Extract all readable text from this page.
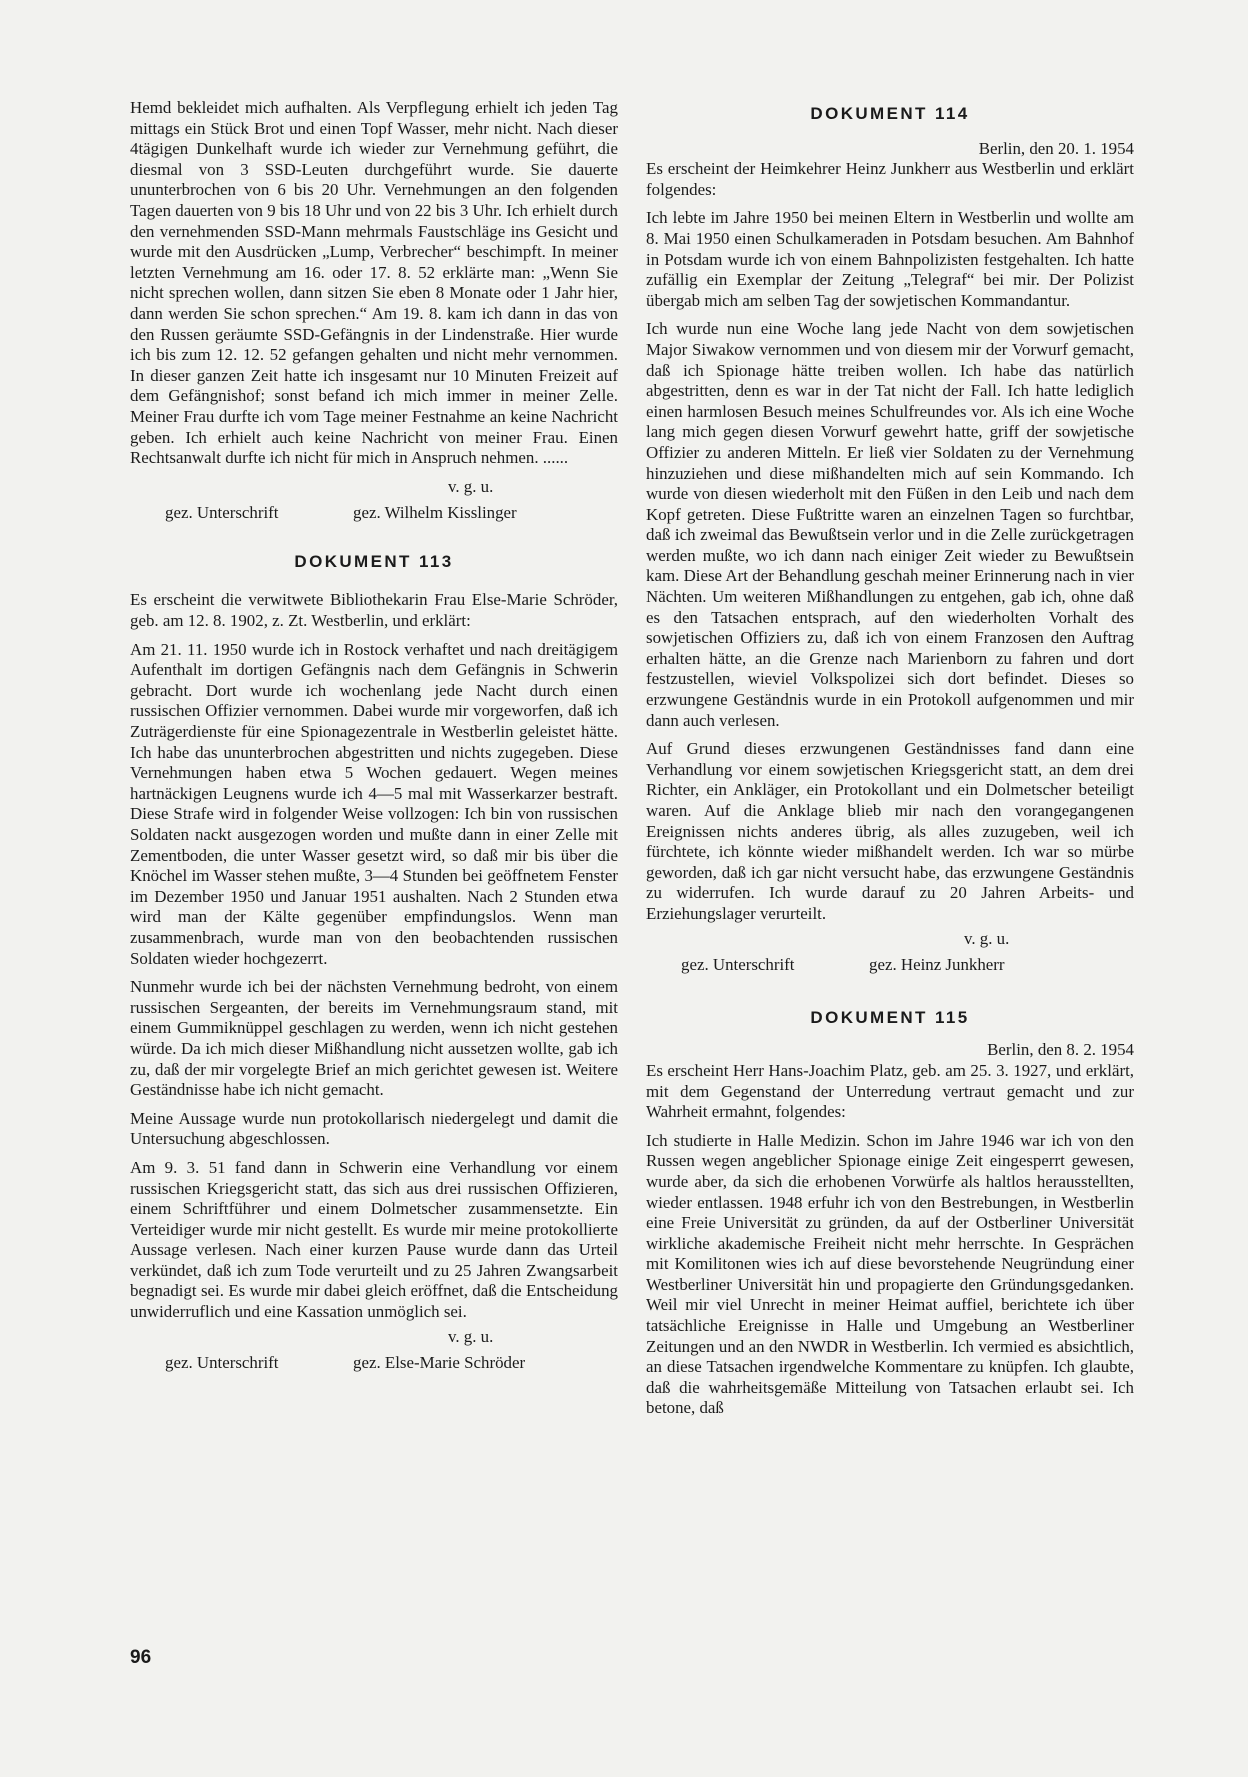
Hemd bekleidet mich aufhalten. Als Verpflegung erhielt ich jeden Tag mittags ein Stück Brot und einen Topf Wasser, mehr nicht. Nach dieser 4tägigen Dunkelhaft wurde ich wieder zur Vernehmung geführt, die diesmal von 3 SSD-Leuten durchgeführt wurde. Sie dauerte ununterbrochen von 6 bis 20 Uhr. Vernehmungen an den folgenden Tagen dauerten von 9 bis 18 Uhr und von 22 bis 3 Uhr. Ich erhielt durch den vernehmenden SSD-Mann mehrmals Faustschläge ins Gesicht und wurde mit den Ausdrücken „Lump, Verbrecher“ beschimpft. In meiner letzten Vernehmung am 16. oder 17. 8. 52 erklärte man: „Wenn Sie nicht sprechen wollen, dann sitzen Sie eben 8 Monate oder 1 Jahr hier, dann werden Sie schon sprechen.“ Am 19. 8. kam ich dann in das von den Russen geräumte SSD-Gefängnis in der Lindenstraße. Hier wurde ich bis zum 12. 12. 52 gefangen gehalten und nicht mehr vernommen. In dieser ganzen Zeit hatte ich insgesamt nur 10 Minuten Freizeit auf dem Gefängnishof; sonst befand ich mich immer in meiner Zelle. Meiner Frau durfte ich vom Tage meiner Festnahme an keine Nachricht geben. Ich erhielt auch keine Nachricht von meiner Frau. Einen Rechtsanwalt durfte ich nicht für mich in Anspruch nehmen. ......

v. g. u.

gez. Unterschrift	gez. Wilhelm Kisslinger

DOKUMENT 113

Es erscheint die verwitwete Bibliothekarin Frau Else-Marie Schröder, geb. am 12. 8. 1902, z. Zt. Westberlin, und erklärt:

Am 21. 11. 1950 wurde ich in Rostock verhaftet und nach dreitägigem Aufenthalt im dortigen Gefängnis nach dem Gefängnis in Schwerin gebracht. Dort wurde ich wochenlang jede Nacht durch einen russischen Offizier vernommen. Dabei wurde mir vorgeworfen, daß ich Zuträgerdienste für eine Spionagezentrale in Westberlin geleistet hätte. Ich habe das ununterbrochen abgestritten und nichts zugegeben. Diese Vernehmungen haben etwa 5 Wochen gedauert. Wegen meines hartnäckigen Leugnens wurde ich 4—5 mal mit Wasserkarzer bestraft. Diese Strafe wird in folgender Weise vollzogen: Ich bin von russischen Soldaten nackt ausgezogen worden und mußte dann in einer Zelle mit Zementboden, die unter Wasser gesetzt wird, so daß mir bis über die Knöchel im Wasser stehen mußte, 3—4 Stunden bei geöffnetem Fenster im Dezember 1950 und Januar 1951 aushalten. Nach 2 Stunden etwa wird man der Kälte gegenüber empfindungslos. Wenn man zusammenbrach, wurde man von den beobachtenden russischen Soldaten wieder hochgezerrt.

Nunmehr wurde ich bei der nächsten Vernehmung bedroht, von einem russischen Sergeanten, der bereits im Vernehmungsraum stand, mit einem Gummiknüppel geschlagen zu werden, wenn ich nicht gestehen würde. Da ich mich dieser Mißhandlung nicht aussetzen wollte, gab ich zu, daß der mir vorgelegte Brief an mich gerichtet gewesen ist. Weitere Geständnisse habe ich nicht gemacht.

Meine Aussage wurde nun protokollarisch niedergelegt und damit die Untersuchung abgeschlossen.

Am 9. 3. 51 fand dann in Schwerin eine Verhandlung vor einem russischen Kriegsgericht statt, das sich aus drei russischen Offizieren, einem Schriftführer und einem Dolmetscher zusammensetzte. Ein Verteidiger wurde mir nicht gestellt. Es wurde mir meine protokollierte Aussage verlesen. Nach einer kurzen Pause wurde dann das Urteil verkündet, daß ich zum Tode verurteilt und zu 25 Jahren Zwangsarbeit begnadigt sei. Es wurde mir dabei gleich eröffnet, daß die Entscheidung unwiderruflich und eine Kassation unmöglich sei.

v. g. u.

gez. Unterschrift	gez. Else-Marie Schröder

DOKUMENT 114

Berlin, den 20. 1. 1954

Es erscheint der Heimkehrer Heinz Junkherr aus Westberlin und erklärt folgendes:

Ich lebte im Jahre 1950 bei meinen Eltern in Westberlin und wollte am 8. Mai 1950 einen Schulkameraden in Potsdam besuchen. Am Bahnhof in Potsdam wurde ich von einem Bahnpolizisten festgehalten. Ich hatte zufällig ein Exemplar der Zeitung „Telegraf“ bei mir. Der Polizist übergab mich am selben Tag der sowjetischen Kommandantur.

Ich wurde nun eine Woche lang jede Nacht von dem sowjetischen Major Siwakow vernommen und von diesem mir der Vorwurf gemacht, daß ich Spionage hätte treiben wollen. Ich habe das natürlich abgestritten, denn es war in der Tat nicht der Fall. Ich hatte lediglich einen harmlosen Besuch meines Schulfreundes vor. Als ich eine Woche lang mich gegen diesen Vorwurf gewehrt hatte, griff der sowjetische Offizier zu anderen Mitteln. Er ließ vier Soldaten zu der Vernehmung hinzuziehen und diese mißhandelten mich auf sein Kommando. Ich wurde von diesen wiederholt mit den Füßen in den Leib und nach dem Kopf getreten. Diese Fußtritte waren an einzelnen Tagen so furchtbar, daß ich zweimal das Bewußtsein verlor und in die Zelle zurückgetragen werden mußte, wo ich dann nach einiger Zeit wieder zu Bewußtsein kam. Diese Art der Behandlung geschah meiner Erinnerung nach in vier Nächten. Um weiteren Mißhandlungen zu entgehen, gab ich, ohne daß es den Tatsachen entsprach, auf den wiederholten Vorhalt des sowjetischen Offiziers zu, daß ich von einem Franzosen den Auftrag erhalten hätte, an die Grenze nach Marienborn zu fahren und dort festzustellen, wieviel Volkspolizei sich dort befindet. Dieses so erzwungene Geständnis wurde in ein Protokoll aufgenommen und mir dann auch verlesen.

Auf Grund dieses erzwungenen Geständnisses fand dann eine Verhandlung vor einem sowjetischen Kriegsgericht statt, an dem drei Richter, ein Ankläger, ein Protokollant und ein Dolmetscher beteiligt waren. Auf die Anklage blieb mir nach den vorangegangenen Ereignissen nichts anderes übrig, als alles zuzugeben, weil ich fürchtete, ich könnte wieder mißhandelt werden. Ich war so mürbe geworden, daß ich gar nicht versucht habe, das erzwungene Geständnis zu widerrufen. Ich wurde darauf zu 20 Jahren Arbeits- und Erziehungslager verurteilt.

v. g. u.

gez. Unterschrift	gez. Heinz Junkherr

DOKUMENT 115

Berlin, den 8. 2. 1954

Es erscheint Herr Hans-Joachim Platz, geb. am 25. 3. 1927, und erklärt, mit dem Gegenstand der Unterredung vertraut gemacht und zur Wahrheit ermahnt, folgendes:

Ich studierte in Halle Medizin. Schon im Jahre 1946 war ich von den Russen wegen angeblicher Spionage einige Zeit eingesperrt gewesen, wurde aber, da sich die erhobenen Vorwürfe als haltlos herausstellten, wieder entlassen. 1948 erfuhr ich von den Bestrebungen, in Westberlin eine Freie Universität zu gründen, da auf der Ostberliner Universität wirkliche akademische Freiheit nicht mehr herrschte. In Gesprächen mit Komilitonen wies ich auf diese bevorstehende Neugründung einer Westberliner Universität hin und propagierte den Gründungsgedanken. Weil mir viel Unrecht in meiner Heimat auffiel, berichtete ich über tatsächliche Ereignisse in Halle und Umgebung an Westberliner Zeitungen und an den NWDR in Westberlin. Ich vermied es absichtlich, an diese Tatsachen irgendwelche Kommentare zu knüpfen. Ich glaubte, daß die wahrheitsgemäße Mitteilung von Tatsachen erlaubt sei. Ich betone, daß

96
